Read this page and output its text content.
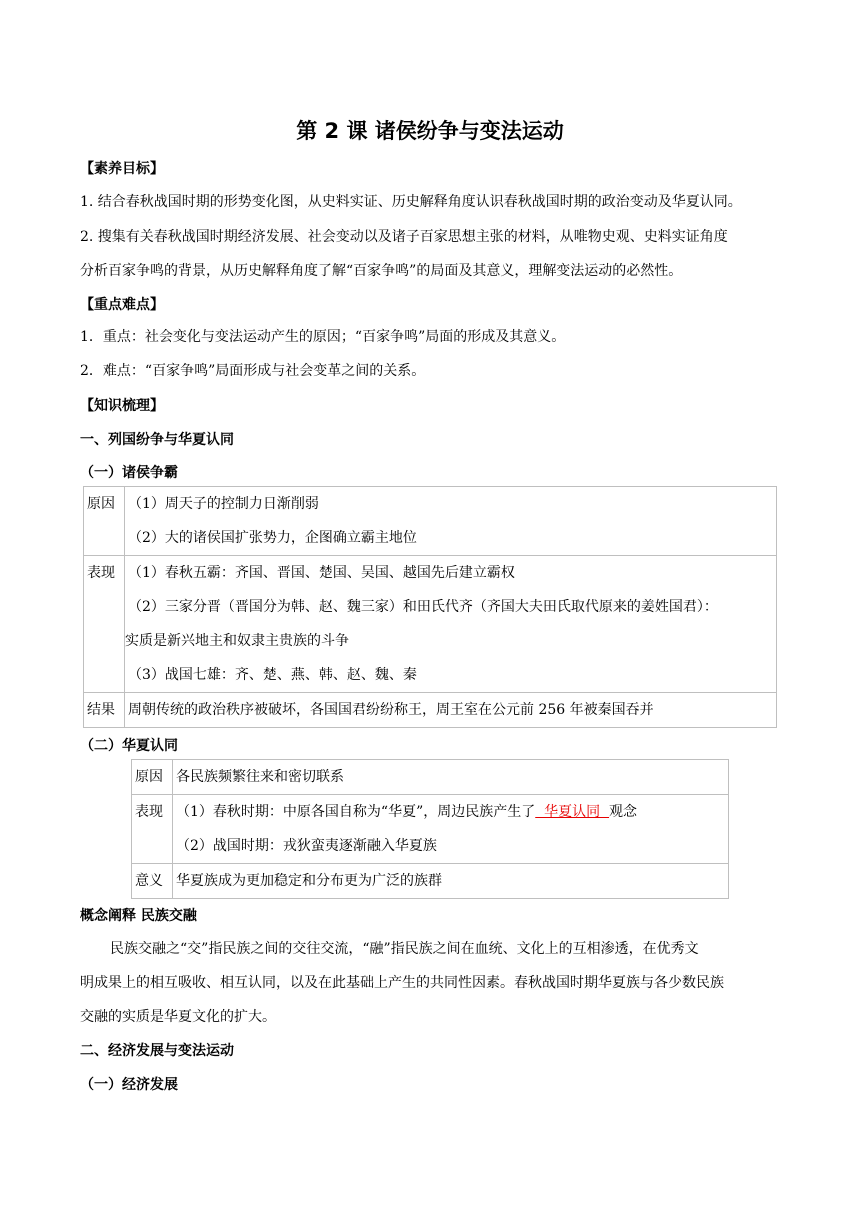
第 2 课 诸侯纷争与变法运动
【素养目标】
1. 结合春秋战国时期的形势变化图，从史料实证、历史解释角度认识春秋战国时期的政治变动及华夏认同。
2. 搜集有关春秋战国时期经济发展、社会变动以及诸子百家思想主张的材料，从唯物史观、史料实证角度
分析百家争鸣的背景，从历史解释角度了解“百家争鸣”的局面及其意义，理解变法运动的必然性。
【重点难点】
1．重点：社会变化与变法运动产生的原因；“百家争鸣”局面的形成及其意义。
2．难点：“百家争鸣”局面形成与社会变革之间的关系。
【知识梳理】
一、列国纷争与华夏认同
（一）诸侯争霸
原因	（1）周天子的控制力日渐削弱
（2）大的诸侯国扩张势力，企图确立霸主地位

表现	（1）春秋五霸：齐国、晋国、楚国、吴国、越国先后建立霸权
（2）三家分晋（晋国分为韩、赵、魏三家）和田氏代齐（齐国大夫田氏取代原来的姜姓国君）：
实质是新兴地主和奴隶主贵族的斗争
（3）战国七雄：齐、楚、燕、韩、赵、魏、秦

结果	周朝传统的政治秩序被破坏，各国国君纷纷称王，周王室在公元前 256 年被秦国吞并
（二）华夏认同
原因	各民族频繁往来和密切联系

表现	（1）春秋时期：中原各国自称为“华夏”，周边民族产生了  华夏认同  观念
（2）战国时期：戎狄蛮夷逐渐融入华夏族

意义	华夏族成为更加稳定和分布更为广泛的族群
概念阐释 民族交融
民族交融之“交”指民族之间的交往交流，“融”指民族之间在血统、文化上的互相渗透，在优秀文
明成果上的相互吸收、相互认同，以及在此基础上产生的共同性因素。春秋战国时期华夏族与各少数民族
交融的实质是华夏文化的扩大。
二、经济发展与变法运动
（一）经济发展
